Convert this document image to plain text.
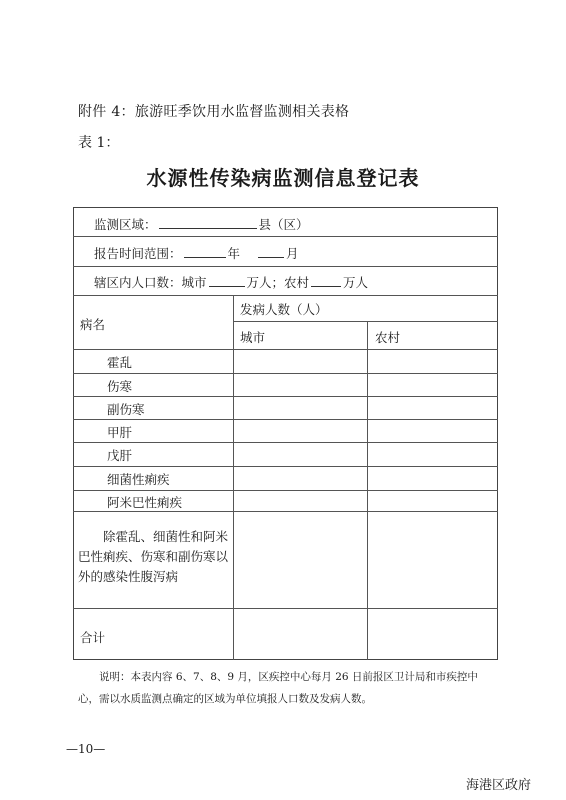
附件 4：旅游旺季饮用水监督监测相关表格
表 1：
水源性传染病监测信息登记表
监测区域：	县（区）
报告时间范围：	年	月
辖区内人口数：城市	万人；农村	万人
病名
发病人数（人）
城市	农村
霍乱
伤寒
副伤寒
甲肝
戊肝
细菌性痢疾
阿米巴性痢疾
除霍乱、细菌性和阿米巴性痢疾、伤寒和副伤寒以外的感染性腹泻病
合计
说明：本表内容 6、7、8、9 月，区疾控中心每月 26 日前报区卫计局和市疾控中心，需以水质监测点确定的区域为单位填报人口数及发病人数。
—10—
海港区政府
